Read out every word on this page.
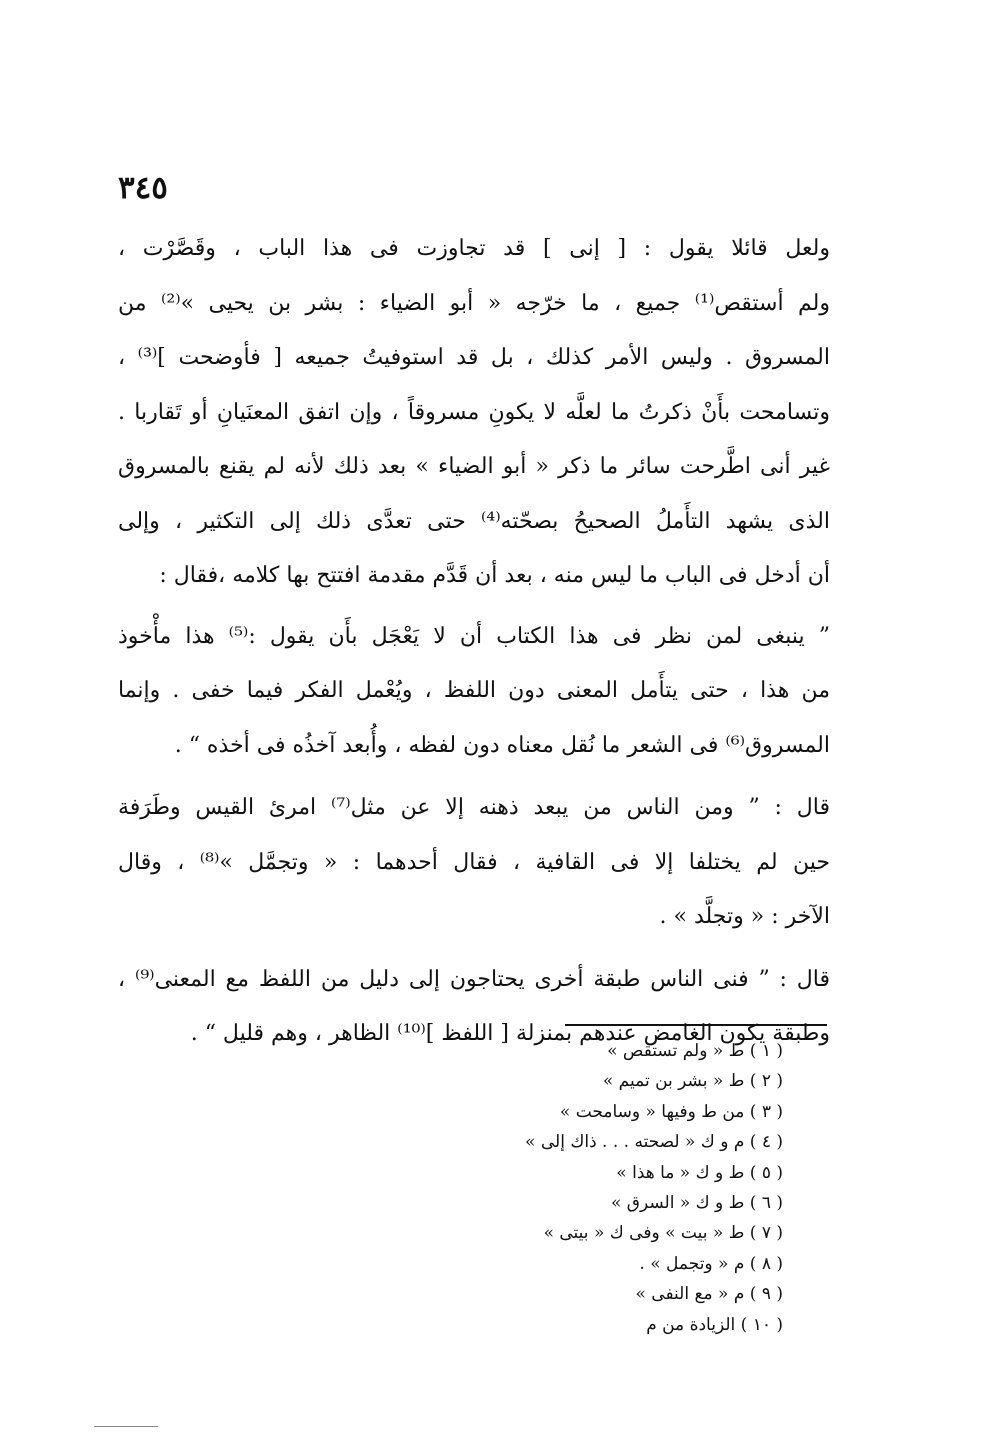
٣٤٥
ولعل قائلا يقول : [ إنى ] قد تجاوزت فى هذا الباب ، وقَصَّرْت ،
ولم أستقص⁽¹⁾ جميع ، ما خرّجه « أبو الضياء : بشر بن يحيى »⁽²⁾ من
المسروق . وليس الأمر كذلك ، بل قد استوفيتُ جميعه [ فأوضحت ]⁽³⁾ ،
وتسامحت بأَنْ ذكرتُ ما لعلَّه لا يكونِ مسروقاً ، وإن اتفق المعنَيانِ أو تَقاربا .
غير أنى اطَّرحت سائر ما ذكر « أبو الضياء » بعد ذلك لأنه لم يقنع بالمسروق
الذى يشهد التأَملُ الصحيحُ بصحّته⁽⁴⁾ حتى تعدَّى ذلك إلى التكثير ، وإلى
أن أدخل فى الباب ما ليس منه ، بعد أن قَدَّم مقدمة افتتح بها كلامه ،فقال :
” ينبغى لمن نظر فى هذا الكتاب أن لا يَعْجَل بأَن يقول :⁽⁵⁾ هذا مأْخوذ
من هذا ، حتى يتأَمل المعنى دون اللفظ ، ويُعْمل الفكر فيما خفى . وإنما
المسروق⁽⁶⁾ فى الشعر ما نُقل معناه دون لفظه ، وأُبعد آخذُه فى أخذه “ .
قال : ” ومن الناس من يبعد ذهنه إلا عن مثل⁽⁷⁾ امرئ القيس وطَرَفة
حين لم يختلفا إلا فى القافية ، فقال أحدهما : « وتجمَّل »⁽⁸⁾ ، وقال
الآخر : « وتجلَّد » .
قال : ” فنى الناس طبقة أخرى يحتاجون إلى دليل من اللفظ مع المعنى⁽⁹⁾ ،
وطبقة يكون الغامض عندهم بمنزلة [ اللفظ ]⁽¹⁰⁾ الظاهر ، وهم قليل “ .
( ١ ) ط « ولم تستقص »
( ٢ ) ط « بشر بن تميم »
( ٣ ) من ط وفيها « وسامحت »
( ٤ ) م و ك « لصحته . . . ذاك إلى »
( ٥ ) ط و ك « ما هذا »
( ٦ ) ط و ك « السرق »
( ٧ ) ط « بيت » وفى ك « بيتى »
( ٨ ) م « وتجمل » .
( ٩ ) م « مع النفى »
( ١٠ ) الزيادة من م
